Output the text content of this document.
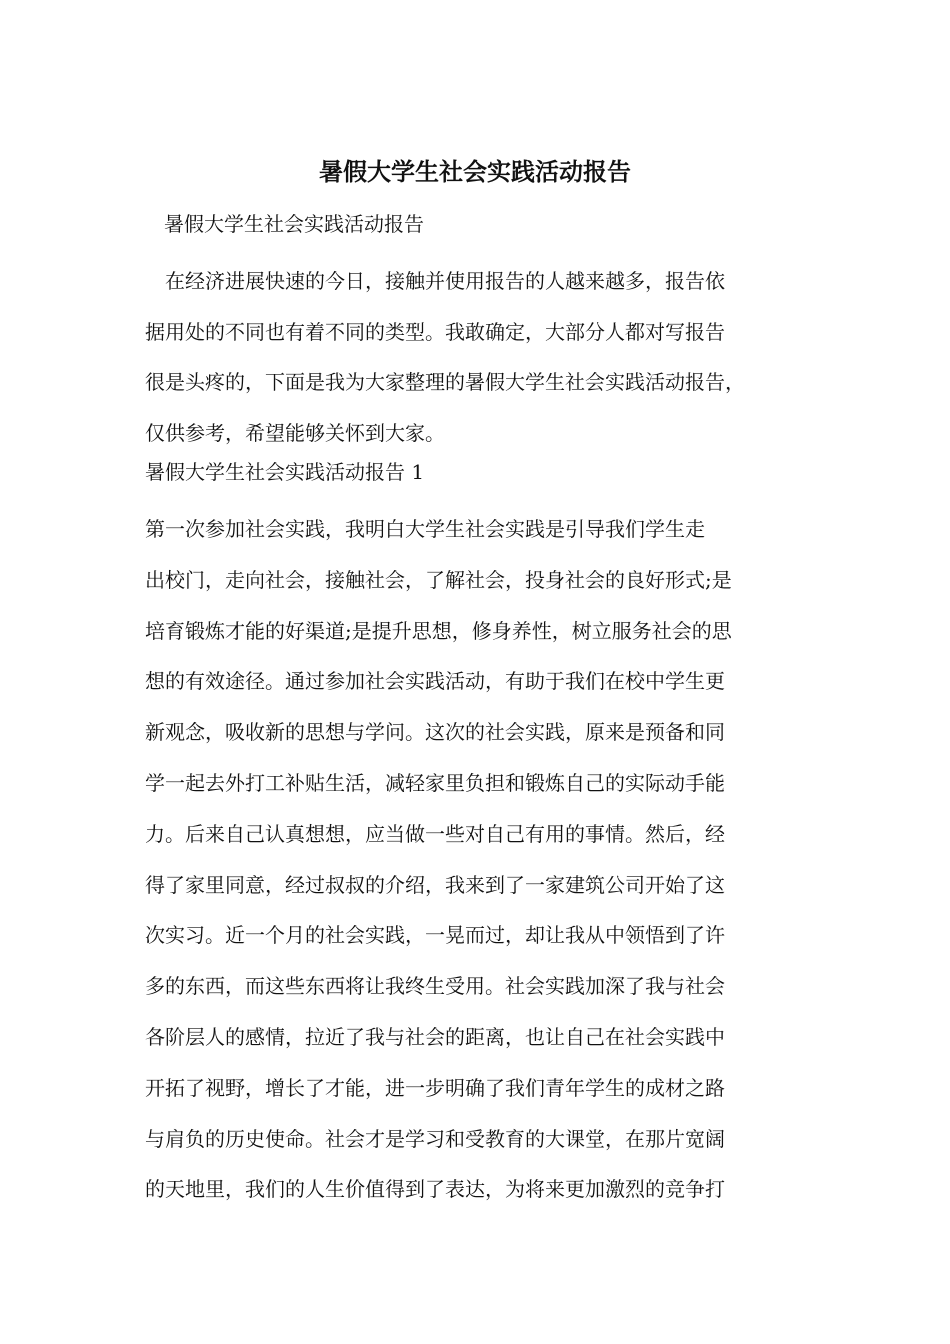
暑假大学生社会实践活动报告

暑假大学生社会实践活动报告

　在经济进展快速的今日，接触并使用报告的人越来越多，报告依
据用处的不同也有着不同的类型。我敢确定，大部分人都对写报告
很是头疼的，下面是我为大家整理的暑假大学生社会实践活动报告，
仅供参考，希望能够关怀到大家。

暑假大学生社会实践活动报告 1

第一次参加社会实践，我明白大学生社会实践是引导我们学生走
出校门，走向社会，接触社会，了解社会，投身社会的良好形式;是
培育锻炼才能的好渠道;是提升思想，修身养性，树立服务社会的思
想的有效途径。通过参加社会实践活动，有助于我们在校中学生更
新观念，吸收新的思想与学问。这次的社会实践，原来是预备和同
学一起去外打工补贴生活，减轻家里负担和锻炼自己的实际动手能
力。后来自己认真想想，应当做一些对自己有用的事情。然后，经
得了家里同意，经过叔叔的介绍，我来到了一家建筑公司开始了这
次实习。近一个月的社会实践，一晃而过，却让我从中领悟到了许
多的东西，而这些东西将让我终生受用。社会实践加深了我与社会
各阶层人的感情，拉近了我与社会的距离，也让自己在社会实践中
开拓了视野，增长了才能，进一步明确了我们青年学生的成材之路
与肩负的历史使命。社会才是学习和受教育的大课堂，在那片宽阔
的天地里，我们的人生价值得到了表达，为将来更加激烈的竞争打
